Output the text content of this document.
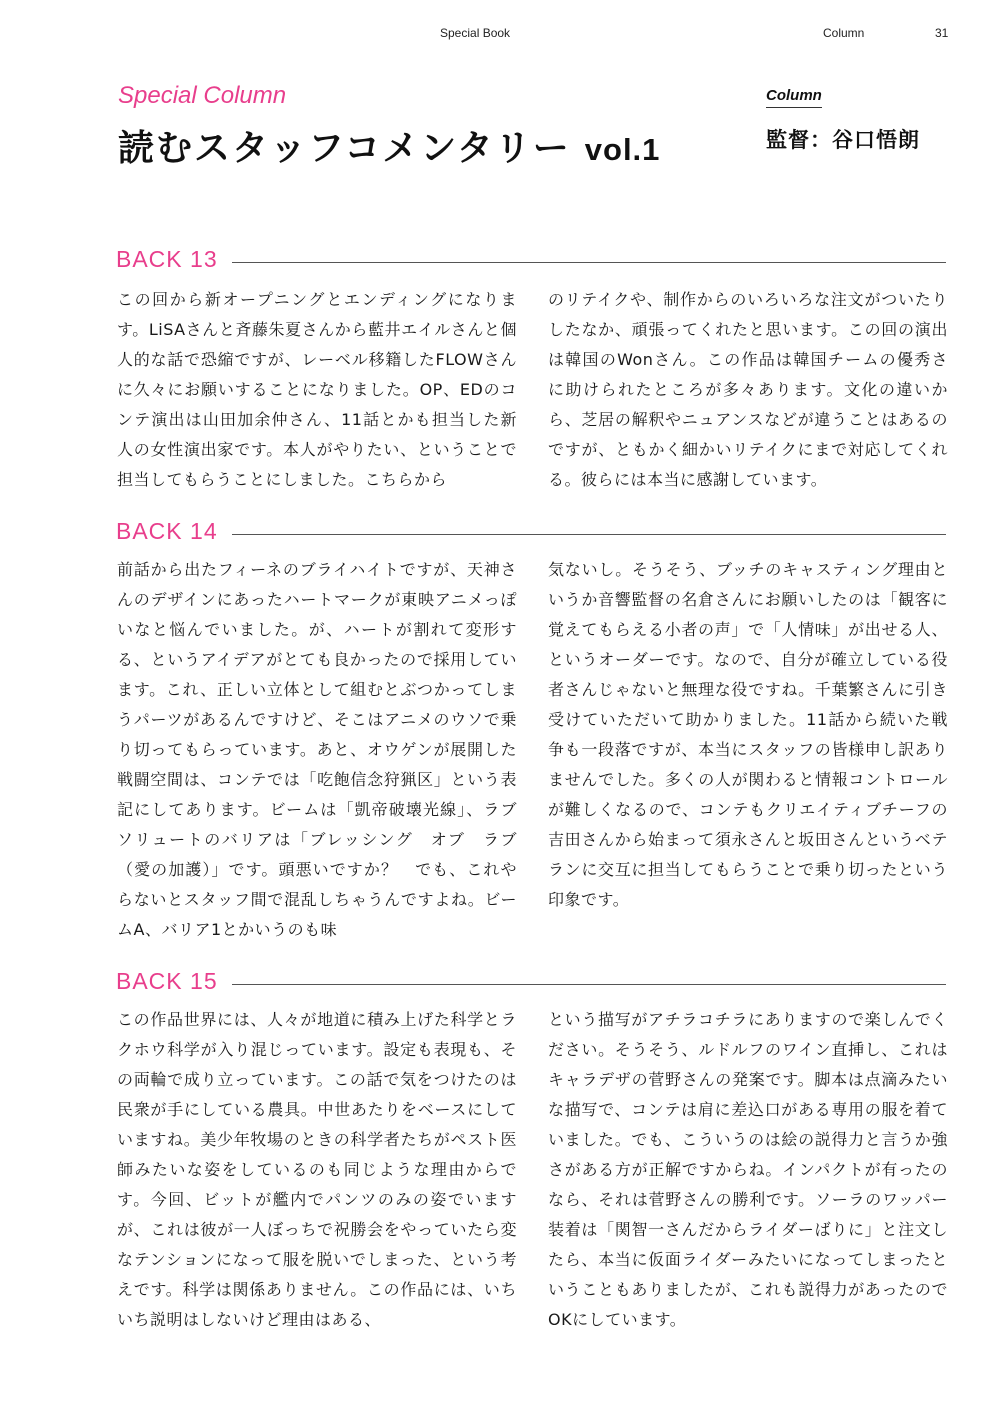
Special Book	Column	31
Special Column
読むスタッフコメンタリー vol.1
Column
監督：谷口悟朗
BACK 13
この回から新オープニングとエンディングになります。LiSAさんと斉藤朱夏さんから藍井エイルさんと個人的な話で恐縮ですが、レーベル移籍したFLOWさんに久々にお願いすることになりました。OP、EDのコンテ演出は山田加余仲さん、11話とかも担当した新人の女性演出家です。本人がやりたい、ということで担当してもらうことにしました。こちらから
のリテイクや、制作からのいろいろな注文がついたりしたなか、頑張ってくれたと思います。この回の演出は韓国のWonさん。この作品は韓国チームの優秀さに助けられたところが多々あります。文化の違いから、芝居の解釈やニュアンスなどが違うことはあるのですが、ともかく細かいリテイクにまで対応してくれる。彼らには本当に感謝しています。
BACK 14
前話から出たフィーネのブライハイトですが、天神さんのデザインにあったハートマークが東映アニメっぽいなと悩んでいました。が、ハートが割れて変形する、というアイデアがとても良かったので採用しています。これ、正しい立体として組むとぶつかってしまうパーツがあるんですけど、そこはアニメのウソで乗り切ってもらっています。あと、オウゲンが展開した戦闘空間は、コンテでは「吃飽信念狩猟区」という表記にしてあります。ビームは「凱帝破壊光線」、ラブソリュートのバリアは「ブレッシング　オブ　ラブ（愛の加護）」です。頭悪いですか？　でも、これやらないとスタッフ間で混乱しちゃうんですよね。ビームA、バリア1とかいうのも味
気ないし。そうそう、ブッチのキャスティング理由というか音響監督の名倉さんにお願いしたのは「観客に覚えてもらえる小者の声」で「人情味」が出せる人、というオーダーです。なので、自分が確立している役者さんじゃないと無理な役ですね。千葉繁さんに引き受けていただいて助かりました。11話から続いた戦争も一段落ですが、本当にスタッフの皆様申し訳ありませんでした。多くの人が関わると情報コントロールが難しくなるので、コンテもクリエイティブチーフの吉田さんから始まって須永さんと坂田さんというベテランに交互に担当してもらうことで乗り切ったという印象です。
BACK 15
この作品世界には、人々が地道に積み上げた科学とラクホウ科学が入り混じっています。設定も表現も、その両輪で成り立っています。この話で気をつけたのは民衆が手にしている農具。中世あたりをベースにしていますね。美少年牧場のときの科学者たちがペスト医師みたいな姿をしているのも同じような理由からです。今回、ビットが艦内でパンツのみの姿でいますが、これは彼が一人ぼっちで祝勝会をやっていたら変なテンションになって服を脱いでしまった、という考えです。科学は関係ありません。この作品には、いちいち説明はしないけど理由はある、
という描写がアチラコチラにありますので楽しんでください。そうそう、ルドルフのワイン直挿し、これはキャラデザの菅野さんの発案です。脚本は点滴みたいな描写で、コンテは肩に差込口がある専用の服を着ていました。でも、こういうのは絵の説得力と言うか強さがある方が正解ですからね。インパクトが有ったのなら、それは菅野さんの勝利です。ソーラのワッパー装着は「関智一さんだからライダーばりに」と注文したら、本当に仮面ライダーみたいになってしまったということもありましたが、これも説得力があったのでOKにしています。
